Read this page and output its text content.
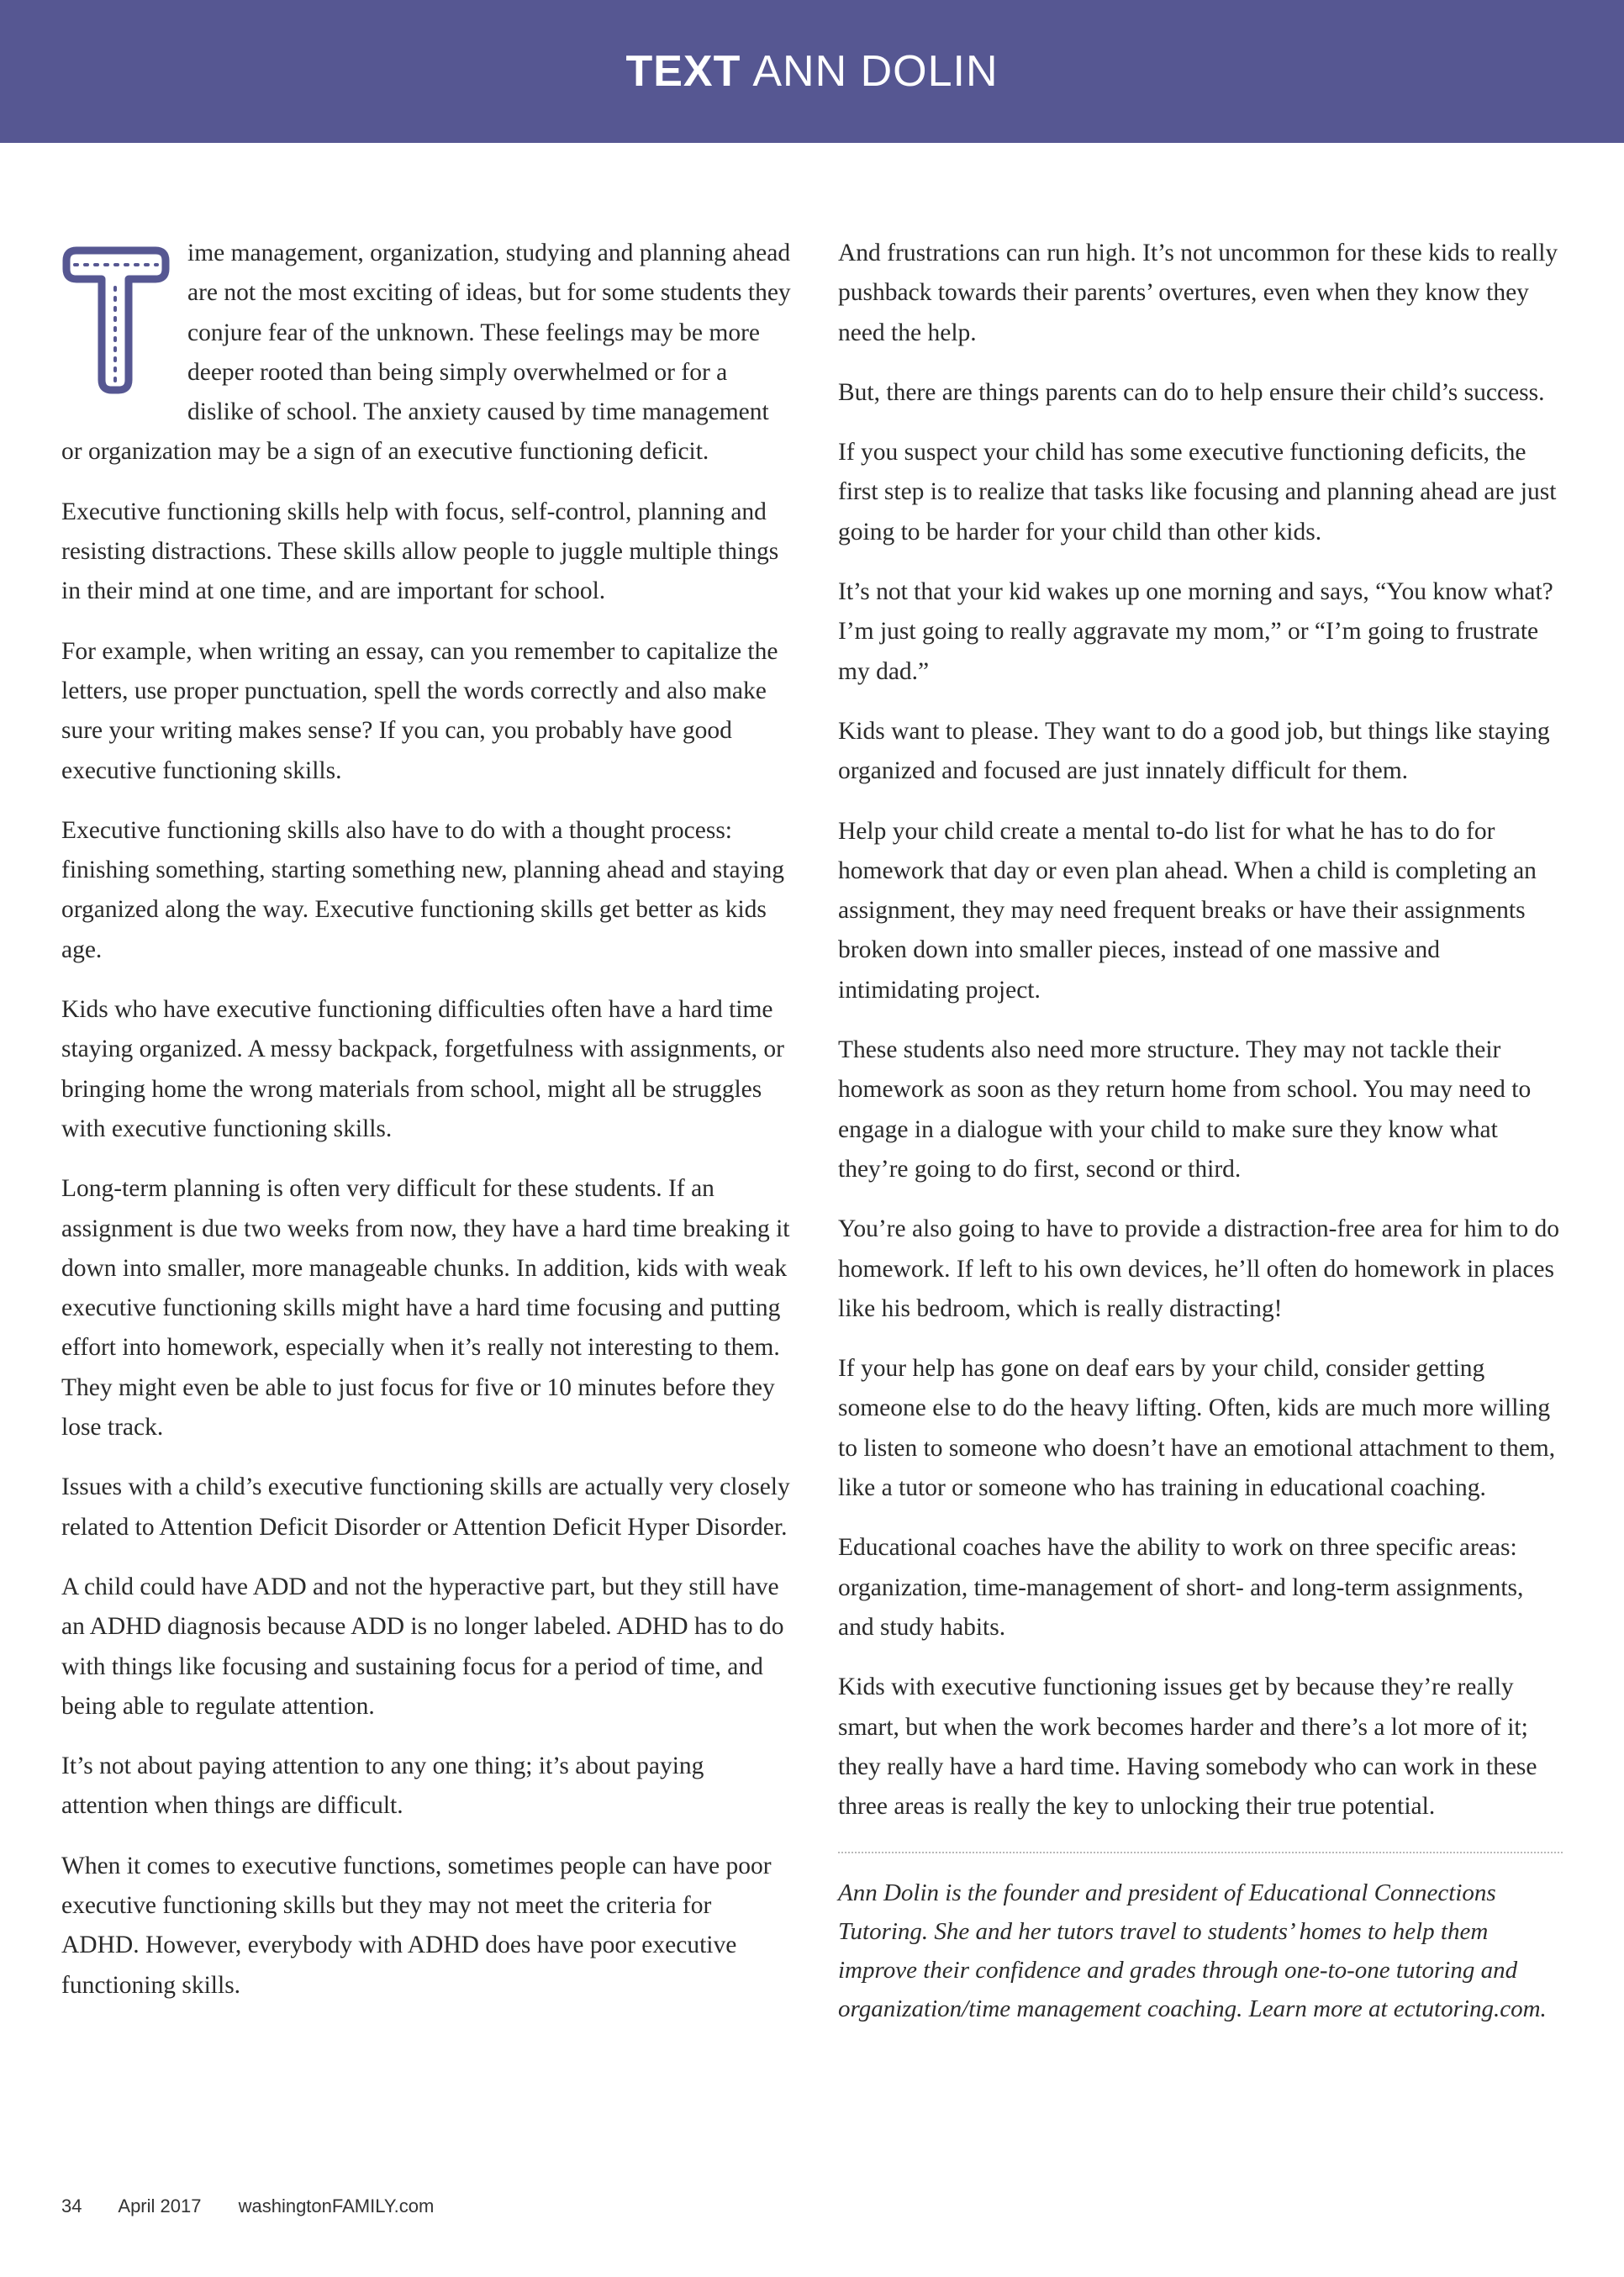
TEXT ANN DOLIN

ime management, organization, studying and planning ahead are not the most exciting of ideas, but for some students they conjure fear of the unknown. These feelings may be more deeper rooted than being simply overwhelmed or for a dislike of school. The anxiety caused by time management or organization may be a sign of an executive functioning deficit.

Executive functioning skills help with focus, self-control, planning and resisting distractions. These skills allow people to juggle multiple things in their mind at one time, and are important for school.

For example, when writing an essay, can you remember to capitalize the letters, use proper punctuation, spell the words correctly and also make sure your writing makes sense? If you can, you probably have good executive functioning skills.

Executive functioning skills also have to do with a thought process: finishing something, starting something new, planning ahead and staying organized along the way. Executive functioning skills get better as kids age.

Kids who have executive functioning difficulties often have a hard time staying organized. A messy backpack, forgetfulness with assignments, or bringing home the wrong materials from school, might all be struggles with executive functioning skills.

Long-term planning is often very difficult for these students. If an assignment is due two weeks from now, they have a hard time breaking it down into smaller, more manageable chunks. In addition, kids with weak executive functioning skills might have a hard time focusing and putting effort into homework, especially when it’s really not interesting to them. They might even be able to just focus for five or 10 minutes before they lose track.

Issues with a child’s executive functioning skills are actually very closely related to Attention Deficit Disorder or Attention Deficit Hyper Disorder.

A child could have ADD and not the hyperactive part, but they still have an ADHD diagnosis because ADD is no longer labeled. ADHD has to do with things like focusing and sustaining focus for a period of time, and being able to regulate attention.

It’s not about paying attention to any one thing; it’s about paying attention when things are difficult.

When it comes to executive functions, sometimes people can have poor executive functioning skills but they may not meet the criteria for ADHD. However, everybody with ADHD does have poor executive functioning skills.

And frustrations can run high. It’s not uncommon for these kids to really pushback towards their parents’ overtures, even when they know they need the help.

But, there are things parents can do to help ensure their child’s success.

If you suspect your child has some executive functioning deficits, the first step is to realize that tasks like focusing and planning ahead are just going to be harder for your child than other kids.

It’s not that your kid wakes up one morning and says, “You know what? I’m just going to really aggravate my mom,” or “I’m going to frustrate my dad.”

Kids want to please. They want to do a good job, but things like staying organized and focused are just innately difficult for them.

Help your child create a mental to-do list for what he has to do for homework that day or even plan ahead. When a child is completing an assignment, they may need frequent breaks or have their assignments broken down into smaller pieces, instead of one massive and intimidating project.

These students also need more structure. They may not tackle their homework as soon as they return home from school. You may need to engage in a dialogue with your child to make sure they know what they’re going to do first, second or third.

You’re also going to have to provide a distraction-free area for him to do homework. If left to his own devices, he’ll often do homework in places like his bedroom, which is really distracting!

If your help has gone on deaf ears by your child, consider getting someone else to do the heavy lifting. Often, kids are much more willing to listen to someone who doesn’t have an emotional attachment to them, like a tutor or someone who has training in educational coaching.

Educational coaches have the ability to work on three specific areas: organization, time-management of short- and long-term assignments, and study habits.

Kids with executive functioning issues get by because they’re really smart, but when the work becomes harder and there’s a lot more of it; they really have a hard time. Having somebody who can work in these three areas is really the key to unlocking their true potential.

Ann Dolin is the founder and president of Educational Connections Tutoring. She and her tutors travel to students’ homes to help them improve their confidence and grades through one-to-one tutoring and organization/time management coaching. Learn more at ectutoring.com.

34 April 2017 washingtonFAMILY.com
